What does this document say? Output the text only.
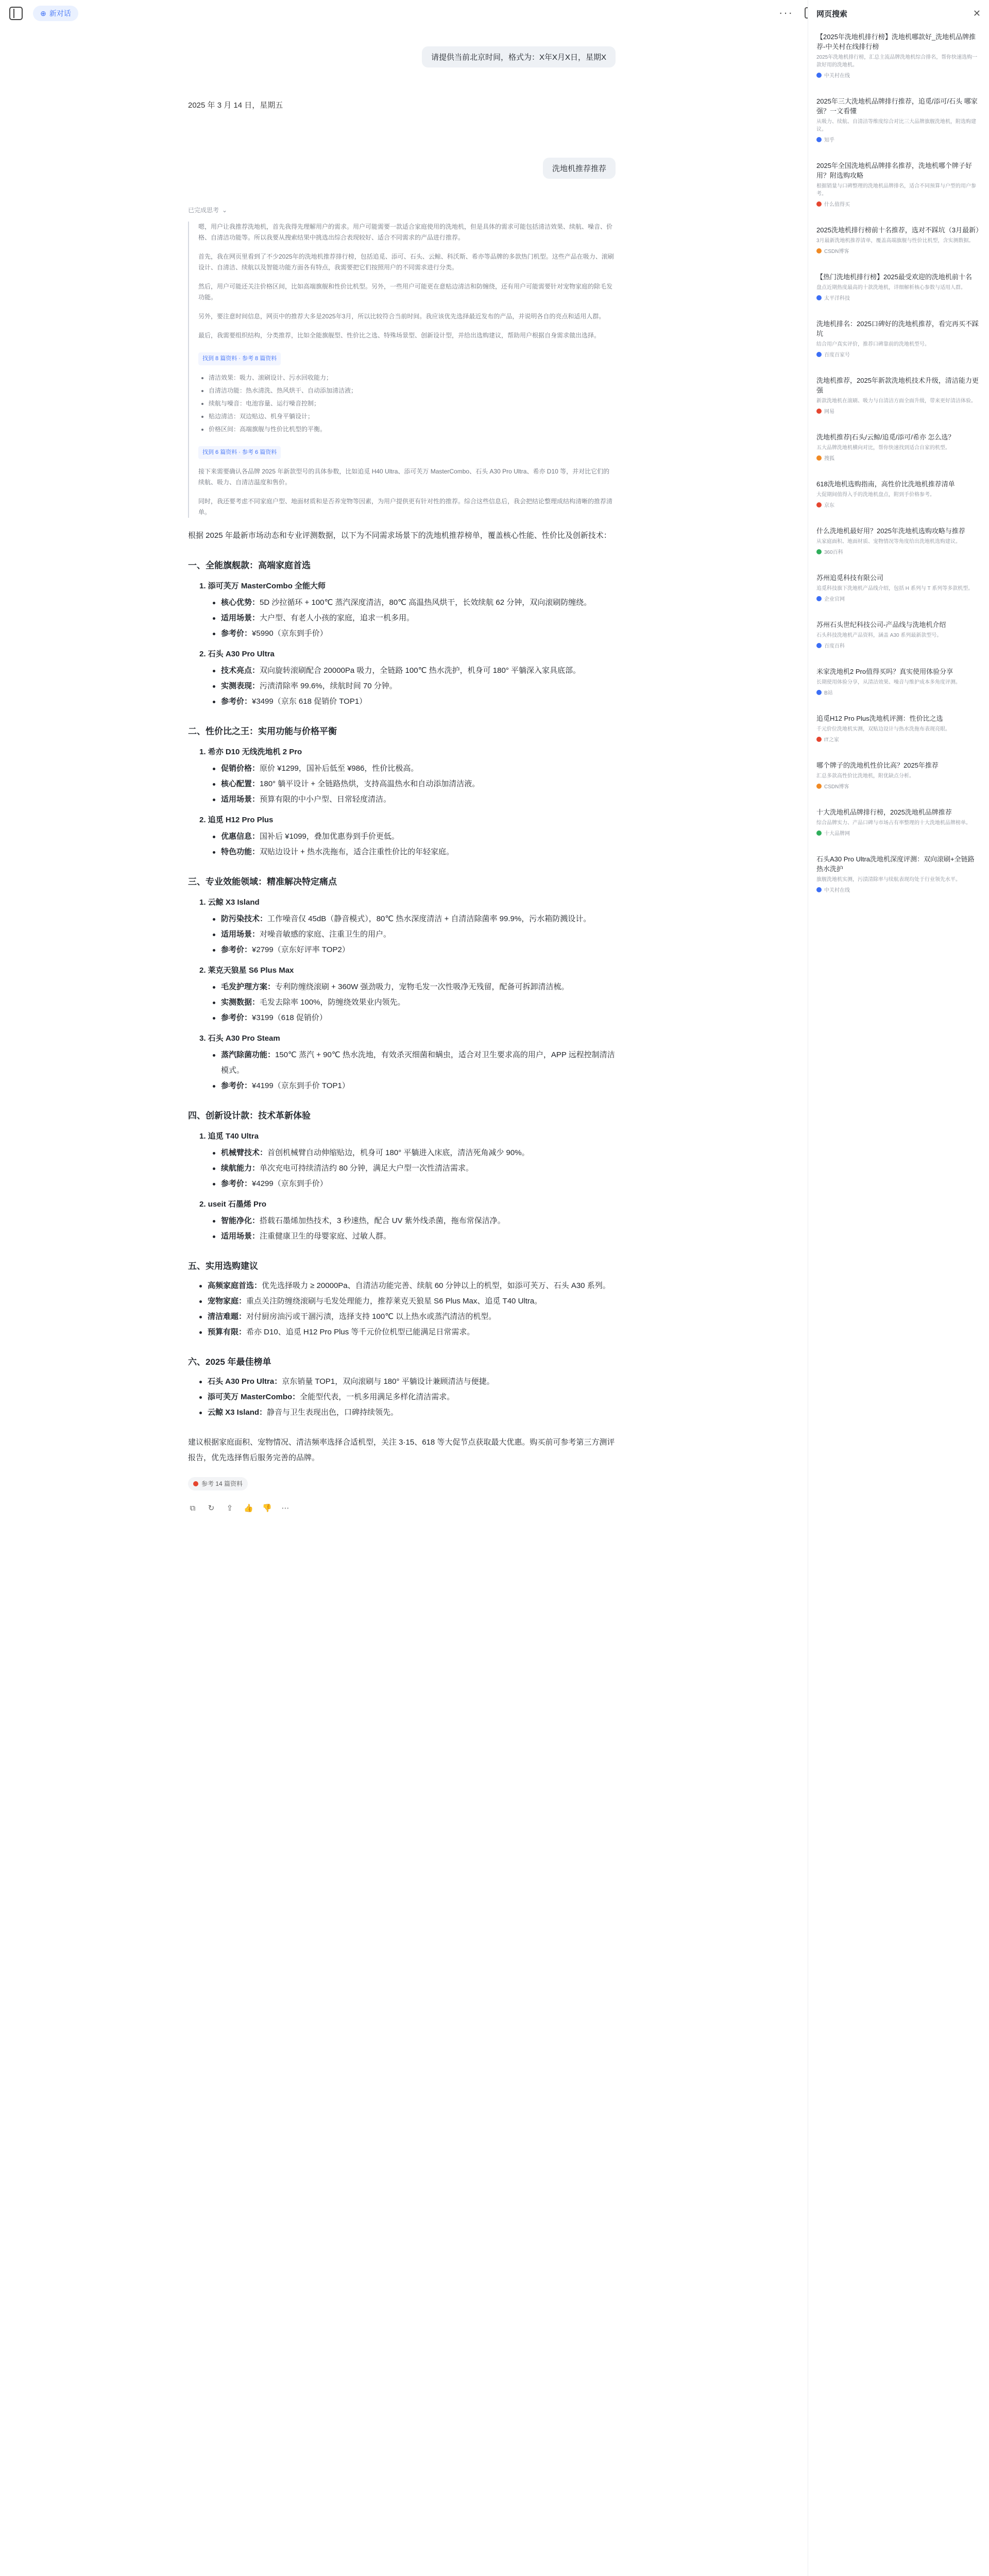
⊕ 新对话	···
请提供当前北京时间，格式为：X年X月X日，星期X
2025 年 3 月 14 日，星期五
洗地机推荐推荐
已完成思考 ⌄

嗯，用户让我推荐洗地机，首先我得先理解用户的需求。用户可能需要一款适合家庭使用的洗地机，但是具体的需求可能包括清洁效果、续航、噪音、价格、自清洁功能等。所以我要从搜索结果中挑选出综合表现较好、适合不同需求的产品进行推荐。

首先，我在网页里看到了不少2025年的洗地机推荐排行榜，包括追觅、添可、石头、云鲸、科沃斯、希亦等品牌的多款热门机型。这些产品在吸力、滚刷设计、自清洁、续航以及智能功能方面各有特点，我需要把它们按照用户的不同需求进行分类。

然后，用户可能还关注价格区间，比如高端旗舰和性价比机型。另外，一些用户可能更在意贴边清洁和防缠绕，还有用户可能需要针对宠物家庭的除毛发功能。

另外，要注意时间信息，网页中的推荐大多是2025年3月，所以比较符合当前时间。我应该优先选择最近发布的产品，并说明各自的亮点和适用人群。

最后，我需要组织结构，分类推荐，比如全能旗舰型、性价比之选、特殊场景型、创新设计型，并给出选购建议，帮助用户根据自身需求做出选择。

找到 8 篇资料 · 参考 8 篇资料
• 清洁效果：吸力、滚刷设计、污水回收能力；
• 自清洁功能：热水清洗、热风烘干、自动添加清洁液；
• 续航与噪音：电池容量、运行噪音控制；
• 贴边清洁：双边贴边、机身平躺设计；
• 价格区间：高端旗舰与性价比机型的平衡。
找到 6 篇资料 · 参考 6 篇资料

接下来需要确认各品牌 2025 年新款型号的具体参数，比如追觅 H40 Ultra、添可芙万 MasterCombo、石头 A30 Pro Ultra、希亦 D10 等，并对比它们的续航、吸力、自清洁温度和售价。

同时，我还要考虑不同家庭户型、地面材质和是否养宠物等因素，为用户提供更有针对性的推荐。综合这些信息后，我会把结论整理成结构清晰的推荐清单。

根据 2025 年最新市场动态和专业评测数据，以下为不同需求场景下的洗地机推荐榜单，覆盖核心性能、性价比及创新技术：
一、全能旗舰款：高端家庭首选
1. 添可芙万 MasterCombo 全能大师
核心优势：5D 沙拉循环 + 100℃ 蒸汽深度清洁，80℃ 高温热风烘干，长效续航 62 分钟，双向滚刷防缠绕。
适用场景：大户型、有老人小孩的家庭，追求一机多用。
参考价：¥5990（京东到手价）
2. 石头 A30 Pro Ultra
技术亮点：双向旋转滚刷配合 20000Pa 吸力，全链路 100℃ 热水洗护，机身可 180° 平躺深入家具底部。
实测表现：污渍清除率 99.6%，续航时间 70 分钟。
参考价：¥3499（京东 618 促销价 TOP1）
二、性价比之王：实用功能与价格平衡
1. 希亦 D10 无线洗地机 2 Pro
促销价格：原价 ¥1299，国补后低至 ¥986，性价比极高。
核心配置：180° 躺平设计 + 全链路热烘，支持高温热水和自动添加清洁液。
适用场景：预算有限的中小户型、日常轻度清洁。
2. 追觅 H12 Pro Plus
优惠信息：国补后 ¥1099，叠加优惠券到手价更低。
特色功能：双贴边设计 + 热水洗拖布，适合注重性价比的年轻家庭。
三、专业效能领域：精准解决特定痛点
1. 云鲸 X3 Island
防污染技术：工作噪音仅 45dB（静音模式），80℃ 热水深度清洁 + 自清洁除菌率 99.9%，污水箱防溅设计。
适用场景：对噪音敏感的家庭、注重卫生的用户。
参考价：¥2799（京东好评率 TOP2）
2. 莱克天狼星 S6 Plus Max
毛发护理方案：专利防缠绕滚刷 + 360W 强劲吸力，宠物毛发一次性吸净无残留，配备可拆卸清洁梳。
实测数据：毛发去除率 100%，防缠绕效果业内领先。
参考价：¥3199（618 促销价）
3. 石头 A30 Pro Steam
蒸汽除菌功能：150℃ 蒸汽 + 90℃ 热水洗地，有效杀灭细菌和螨虫，适合对卫生要求高的用户，APP 远程控制清洁模式。
参考价：¥4199（京东到手价 TOP1）
四、创新设计款：技术革新体验
1. 追觅 T40 Ultra
机械臂技术：首创机械臂自动伸缩贴边，机身可 180° 平躺进入床底，清洁死角减少 90%。
续航能力：单次充电可持续清洁约 80 分钟，满足大户型一次性清洁需求。
参考价：¥4299（京东到手价）
2. useit 石墨烯 Pro
智能净化：搭载石墨烯加热技术，3 秒速热，配合 UV 紫外线杀菌，拖布常保洁净。
适用场景：注重健康卫生的母婴家庭、过敏人群。
五、实用选购建议
高频家庭首选：优先选择吸力 ≥ 20000Pa、自清洁功能完善、续航 60 分钟以上的机型，如添可芙万、石头 A30 系列。
宠物家庭：重点关注防缠绕滚刷与毛发处理能力，推荐莱克天狼星 S6 Plus Max、追觅 T40 Ultra。
清洁难题：对付厨房油污或干涸污渍，选择支持 100℃ 以上热水或蒸汽清洁的机型。
预算有限：希亦 D10、追觅 H12 Pro Plus 等千元价位机型已能满足日常需求。
六、2025 年最佳榜单
石头 A30 Pro Ultra：京东销量 TOP1，双向滚刷与 180° 平躺设计兼顾清洁与便捷。
添可芙万 MasterCombo：全能型代表，一机多用满足多样化清洁需求。
云鲸 X3 Island：静音与卫生表现出色，口碑持续领先。
建议根据家庭面积、宠物情况、清洁频率选择合适机型，关注 3·15、618 等大促节点获取最大优惠。购买前可参考第三方测评报告，优先选择售后服务完善的品牌。
参考 14 篇资料
⧉ ↻ ⇪ 👍 👎 ⋯
网页搜索	✕
【2025年洗地机排行榜】洗地机哪款好_洗地机品牌推荐-中关村在线排行榜
2025年洗地机排行榜，汇总主流品牌洗地机综合排名，帮你快速选购一款好用的洗地机。
中关村在线
2025年三大洗地机品牌排行推荐，追觅/添可/石头 哪家强？一文看懂
从吸力、续航、自清洁等维度综合对比三大品牌旗舰洗地机，附选购建议。
知乎
2025年全国洗地机品牌排名推荐，洗地机哪个牌子好用？附选购攻略
根据销量与口碑整理的洗地机品牌排名，适合不同预算与户型的用户参考。
什么值得买
2025洗地机排行榜前十名推荐，选对不踩坑（3月最新）
3月最新洗地机推荐清单，覆盖高端旗舰与性价比机型，含实测数据。
CSDN博客
【热门洗地机排行榜】2025最受欢迎的洗地机前十名
盘点近期热度最高的十款洗地机，详细解析核心参数与适用人群。
太平洋科技
洗地机排名：2025口碑好的洗地机推荐，看完再买不踩坑
结合用户真实评价，推荐口碑靠前的洗地机型号。
百度百家号
洗地机推荐，2025年新款洗地机技术升级，清洁能力更强
新款洗地机在滚刷、吸力与自清洁方面全面升级，带来更好清洁体验。
网易
洗地机推荐|石头/云鲸/追觅/添可/希亦 怎么选？
五大品牌洗地机横向对比，帮你快速找到适合自家的机型。
搜狐
618洗地机选购指南，高性价比洗地机推荐清单
大促期间值得入手的洗地机盘点，附到手价格参考。
京东
什么洗地机最好用？2025年洗地机选购攻略与推荐
从家庭面积、地面材质、宠物情况等角度给出洗地机选购建议。
360百科
苏州追觅科技有限公司
追觅科技旗下洗地机产品线介绍，包括 H 系列与 T 系列等多款机型。
企业官网
苏州石头世纪科技公司-产品线与洗地机介绍
石头科技洗地机产品资料，涵盖 A30 系列最新款型号。
百度百科
米家洗地机2 Pro值得买吗？真实使用体验分享
长期使用体验分享，从清洁效果、噪音与维护成本多角度评测。
B站
追觅H12 Pro Plus洗地机评测：性价比之选
千元价位洗地机实测，双贴边设计与热水洗拖布表现亮眼。
IT之家
哪个牌子的洗地机性价比高？2025年推荐
汇总多款高性价比洗地机，附优缺点分析。
CSDN博客
十大洗地机品牌排行榜，2025洗地机品牌推荐
综合品牌实力、产品口碑与市场占有率整理的十大洗地机品牌榜单。
十大品牌网
石头A30 Pro Ultra洗地机深度评测：双向滚刷+全链路热水洗护
旗舰洗地机实测，污渍清除率与续航表现均处于行业领先水平。
中关村在线
